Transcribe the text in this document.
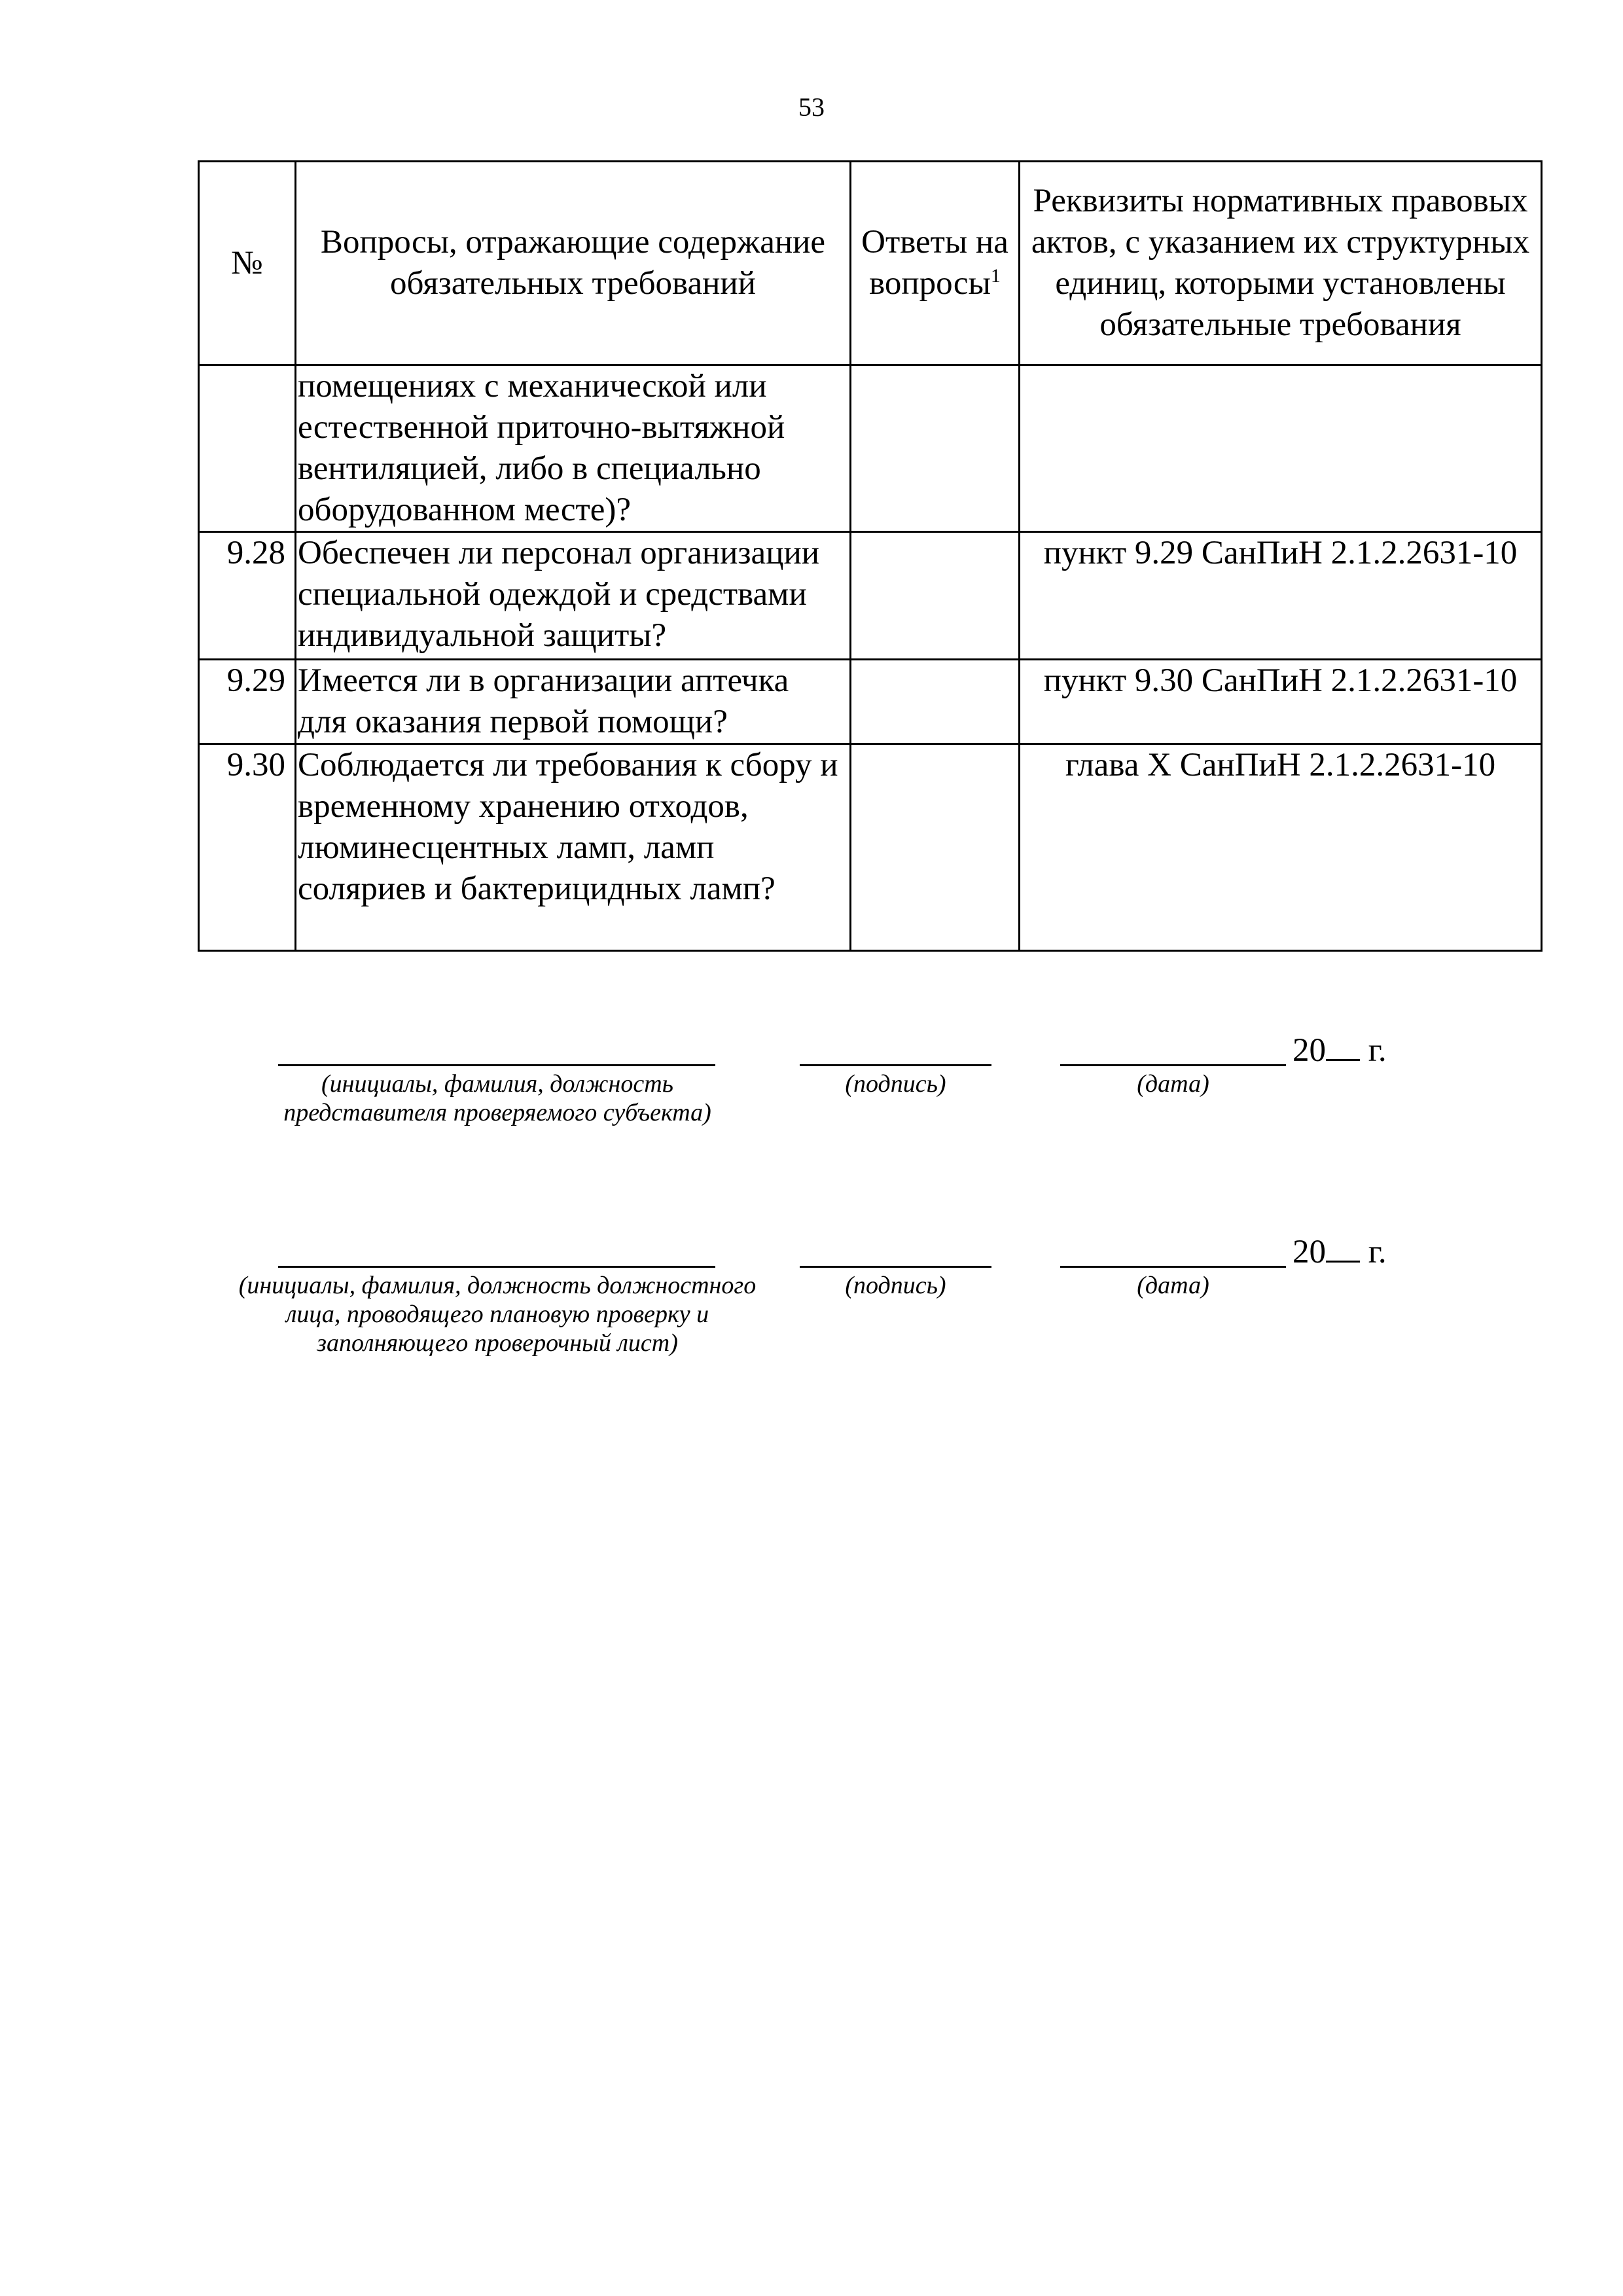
53
№	Вопросы, отражающие содержание обязательных требований	Ответы на вопросы$^1$	Реквизиты нормативных правовых актов, с указанием их структурных единиц, которыми установлены обязательные требования
	помещениях с механической или естественной приточно-вытяжной вентиляцией, либо в специально оборудованном месте)?		
9.28	Обеспечен ли персонал организации специальной одеждой и средствами индивидуальной защиты?		пункт 9.29 СанПиН 2.1.2.2631-10
9.29	Имеется ли в организации аптечка для оказания первой помощи?		пункт 9.30 СанПиН 2.1.2.2631-10
9.30	Соблюдается ли требования к сбору и временному хранению отходов, люминесцентных ламп, ламп соляриев и бактерицидных ламп?		глава X СанПиН 2.1.2.2631-10
20 г.
(инициалы, фамилия, должность представителя проверяемого субъекта)
(подпись)	(дата)
20 г.
(инициалы, фамилия, должность должностного лица, проводящего плановую проверку и заполняющего проверочный лист)
(подпись)	(дата)
